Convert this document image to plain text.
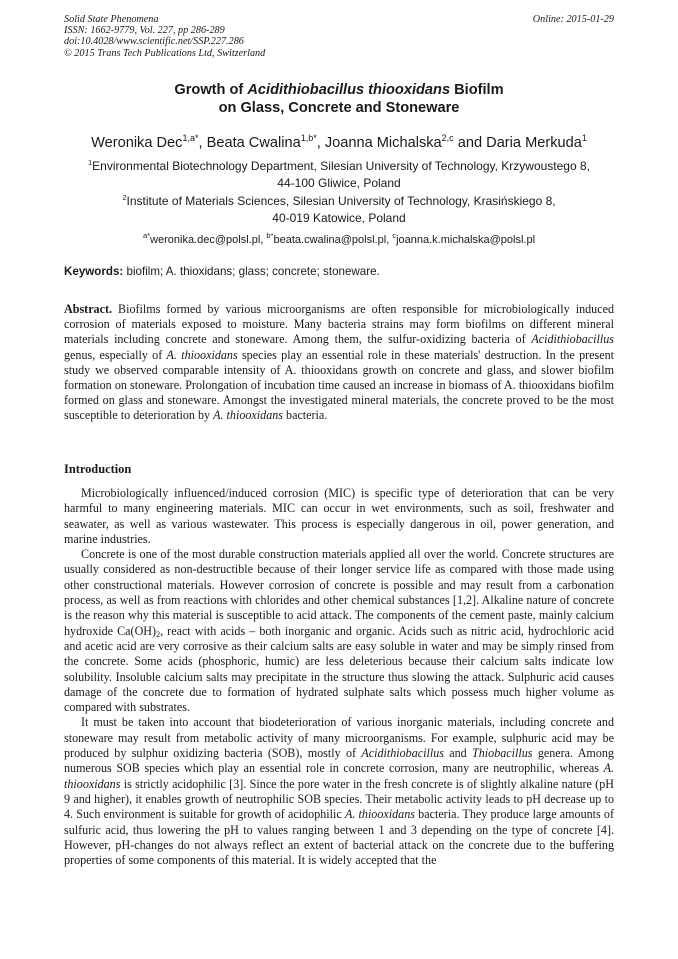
Solid State Phenomena
ISSN: 1662-9779, Vol. 227, pp 286-289
doi:10.4028/www.scientific.net/SSP.227.286
© 2015 Trans Tech Publications Ltd, Switzerland
Online: 2015-01-29
Growth of Acidithiobacillus thiooxidans Biofilm
on Glass, Concrete and Stoneware
Weronika Dec$^{1,a*}$, Beata Cwalina$^{1,b*}$, Joanna Michalska$^{2,c}$ and Daria Merkuda$^1$
$^1$Environmental Biotechnology Department, Silesian University of Technology, Krzywoustego 8,
44-100 Gliwice, Poland
$^2$Institute of Materials Sciences, Silesian University of Technology, Krasińskiego 8,
40-019 Katowice, Poland
$^{a*}$weronika.dec@polsl.pl, $^{b*}$beata.cwalina@polsl.pl, $^c$joanna.k.michalska@polsl.pl
Keywords: biofilm; A. thioxidans; glass; concrete; stoneware.
Abstract. Biofilms formed by various microorganisms are often responsible for microbiologically induced corrosion of materials exposed to moisture. Many bacteria strains may form biofilms on different mineral materials including concrete and stoneware. Among them, the sulfur-oxidizing bacteria of Acidithiobacillus genus, especially of A. thiooxidans species play an essential role in these materials' destruction. In the present study we observed comparable intensity of A. thiooxidans growth on concrete and glass, and slower biofilm formation on stoneware. Prolongation of incubation time caused an increase in biomass of A. thiooxidans biofilm formed on glass and stoneware. Amongst the investigated mineral materials, the concrete proved to be the most susceptible to deterioration by A. thiooxidans bacteria.
Introduction

Microbiologically influenced/induced corrosion (MIC) is specific type of deterioration that can be very harmful to many engineering materials. MIC can occur in wet environments, such as soil, freshwater and seawater, as well as various wastewater. This process is especially dangerous in oil, power generation, and marine industries.

Concrete is one of the most durable construction materials applied all over the world. Concrete structures are usually considered as non-destructible because of their longer service life as compared with those made using other constructional materials. However corrosion of concrete is possible and may result from a carbonation process, as well as from reactions with chlorides and other chemical substances [1,2]. Alkaline nature of concrete is the reason why this material is susceptible to acid attack. The components of the cement paste, mainly calcium hydroxide $Ca(OH)_2$, react with acids – both inorganic and organic. Acids such as nitric acid, hydrochloric acid and acetic acid are very corrosive as their calcium salts are easy soluble in water and may be simply rinsed from the concrete. Some acids (phosphoric, humic) are less deleterious because their calcium salts indicate low solubility. Insoluble calcium salts may precipitate in the structure thus slowing the attack. Sulphuric acid causes damage of the concrete due to formation of hydrated sulphate salts which possess much higher volume as compared with substrates.

It must be taken into account that biodeterioration of various inorganic materials, including concrete and stoneware may result from metabolic activity of many microorganisms. For example, sulphuric acid may be produced by sulphur oxidizing bacteria (SOB), mostly of Acidithiobacillus and Thiobacillus genera. Among numerous SOB species which play an essential role in concrete corrosion, many are neutrophilic, whereas A. thiooxidans is strictly acidophilic [3]. Since the pore water in the fresh concrete is of slightly alkaline nature (pH 9 and higher), it enables growth of neutrophilic SOB species. Their metabolic activity leads to pH decrease up to 4. Such environment is suitable for growth of acidophilic A. thiooxidans bacteria. They produce large amounts of sulfuric acid, thus lowering the pH to values ranging between 1 and 3 depending on the type of concrete [4]. However, pH-changes do not always reflect an extent of bacterial attack on the concrete due to the buffering properties of some components of this material. It is widely accepted that the
